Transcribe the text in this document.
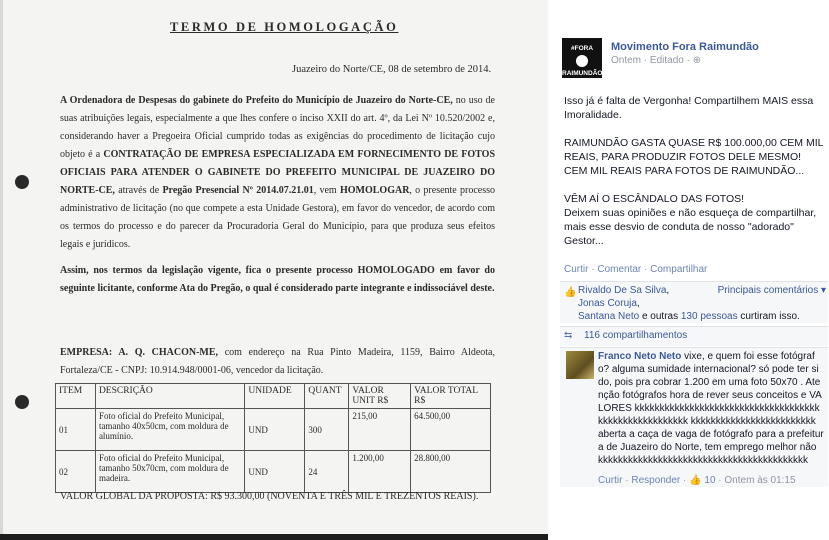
TERMO DE HOMOLOGAÇÃO
Juazeiro do Norte/CE, 08 de setembro de 2014.
A Ordenadora de Despesas do gabinete do Prefeito do Município de Juazeiro do Norte-CE, no uso de suas atribuições legais, especialmente a que lhes confere o inciso XXII do art. 4º, da Lei Nº 10.520/2002 e, considerando haver a Pregoeira Oficial cumprido todas as exigências do procedimento de licitação cujo objeto é a CONTRATAÇÃO DE EMPRESA ESPECIALIZADA EM FORNECIMENTO DE FOTOS OFICIAIS PARA ATENDER O GABINETE DO PREFEITO MUNICIPAL DE JUAZEIRO DO NORTE-CE, através de Pregão Presencial Nº 2014.07.21.01, vem HOMOLOGAR, o presente processo administrativo de licitação (no que compete a esta Unidade Gestora), em favor do vencedor, de acordo com os termos do processo e do parecer da Procuradoria Geral do Município, para que produza seus efeitos legais e jurídicos.
Assim, nos termos da legislação vigente, fica o presente processo HOMOLOGADO em favor do seguinte licitante, conforme Ata do Pregão, o qual é considerado parte integrante e indissociável deste.
EMPRESA: A. Q. CHACON-ME, com endereço na Rua Pinto Madeira, 1159, Bairro Aldeota, Fortaleza/CE - CNPJ: 10.914.948/0001-06, vencedor da licitação.
ITEM	DESCRIÇÃO	UNIDADE	QUANT	VALOR UNIT R$	VALOR TOTAL R$
01	Foto oficial do Prefeito Municipal, tamanho 40x50cm, com moldura de alumínio.	UND	300	215,00	64.500,00
02	Foto oficial do Prefeito Municipal, tamanho 50x70cm, com moldura de madeira.	UND	24	1.200,00	28.800,00
VALOR GLOBAL DA PROPOSTA: R$ 93.300,00 (NOVENTA E TRÊS MIL E TREZENTOS REAIS).
#FORA
RAIMUNDÃO
Movimento Fora Raimundão
Ontem · Editado · ⊕

Isso já é falta de Vergonha! Compartilhem MAIS essa Imoralidade.

RAIMUNDÃO GASTA QUASE R$ 100.000,00 CEM MIL REAIS, PARA PRODUZIR FOTOS DELE MESMO! CEM MIL REAIS PARA FOTOS DE RAIMUNDÃO...

VÊM AÍ O ESCÂNDALO DAS FOTOS!

Deixem suas opiniões e não esqueça de compartilhar, mais esse desvio de conduta de nosso "adorado" Gestor...

Curtir · Comentar · Compartilhar
👍	Principais comentários ▾
Rivaldo De Sa Silva,
Jonas Coruja,
Santana Neto e outras 130 pessoas curtiram isso.
⇆ 116 compartilhamentos
Franco Neto Neto vixe, e quem foi esse fotógrafo? alguma sumidade internacional? só pode ter sido, pois pra cobrar 1.200 em uma foto 50x70 . Atenção fotógrafos hora de rever seus conceitos e VALORES kkkkkkkkkkkkkkkkkkkkkkkkkkkkkkkkkkkkkkkkkkkkkkkkkkkkkkk kkkkkkkkkkkkkkkkkkkkkkkkk aberta a caça de vaga de fotógrafo para a prefeitura de Juazeiro do Norte, tem emprego melhor não kkkkkkkkkkkkkkkkkkkkkkkkkkkkkkkkkkkkkkkkkk
Curtir · Responder · 👍 10 · Ontem às 01:15
